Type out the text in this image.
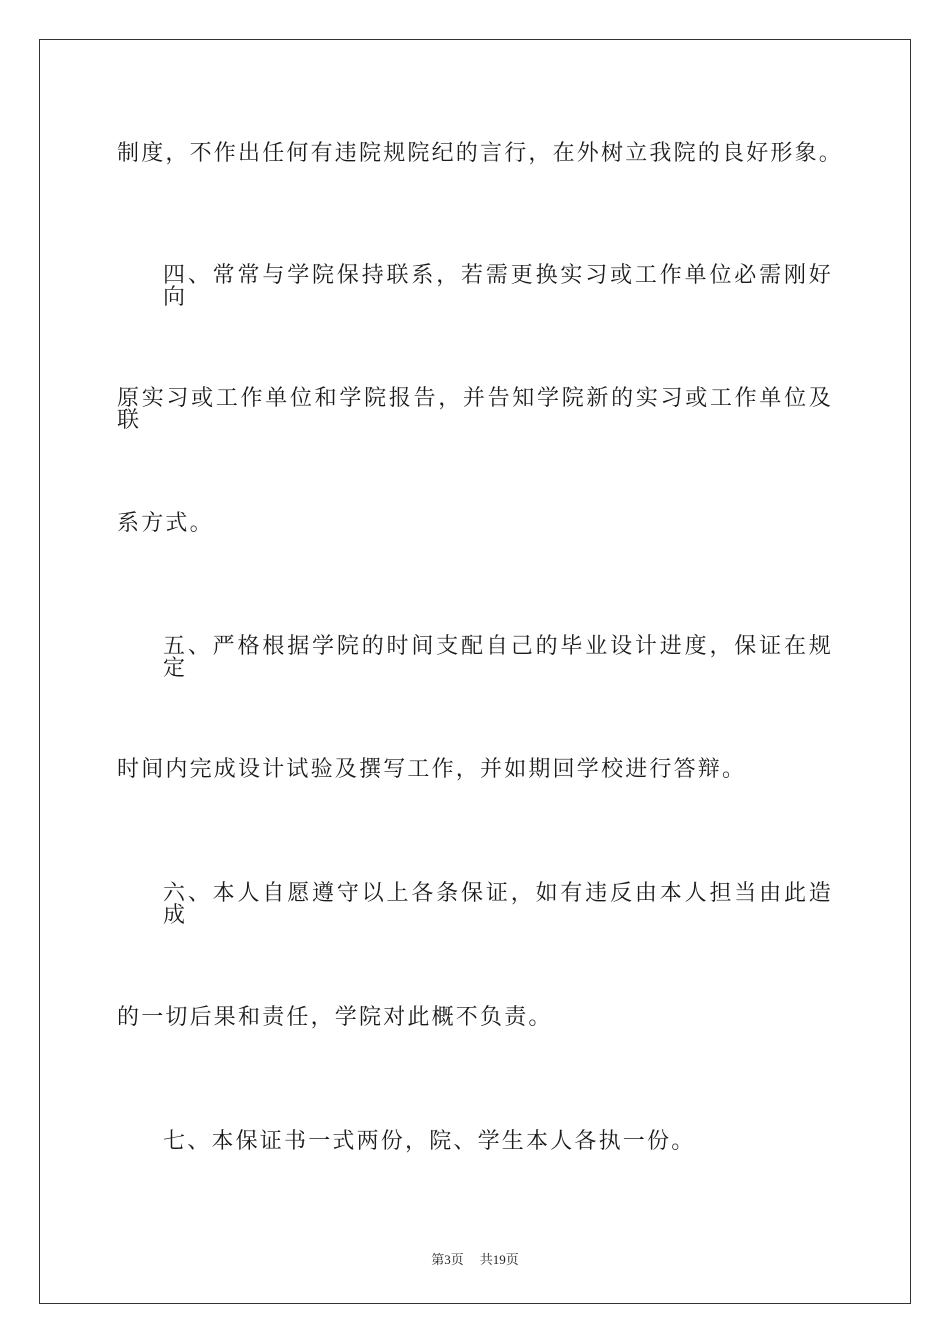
制度，不作出任何有违院规院纪的言行，在外树立我院的良好形象。
四、常常与学院保持联系，若需更换实习或工作单位必需刚好向
原实习或工作单位和学院报告，并告知学院新的实习或工作单位及联
系方式。
五、严格根据学院的时间支配自己的毕业设计进度，保证在规定
时间内完成设计试验及撰写工作，并如期回学校进行答辩。
六、本人自愿遵守以上各条保证，如有违反由本人担当由此造成
的一切后果和责任，学院对此概不负责。
七、本保证书一式两份，院、学生本人各执一份。
第3页 共19页
